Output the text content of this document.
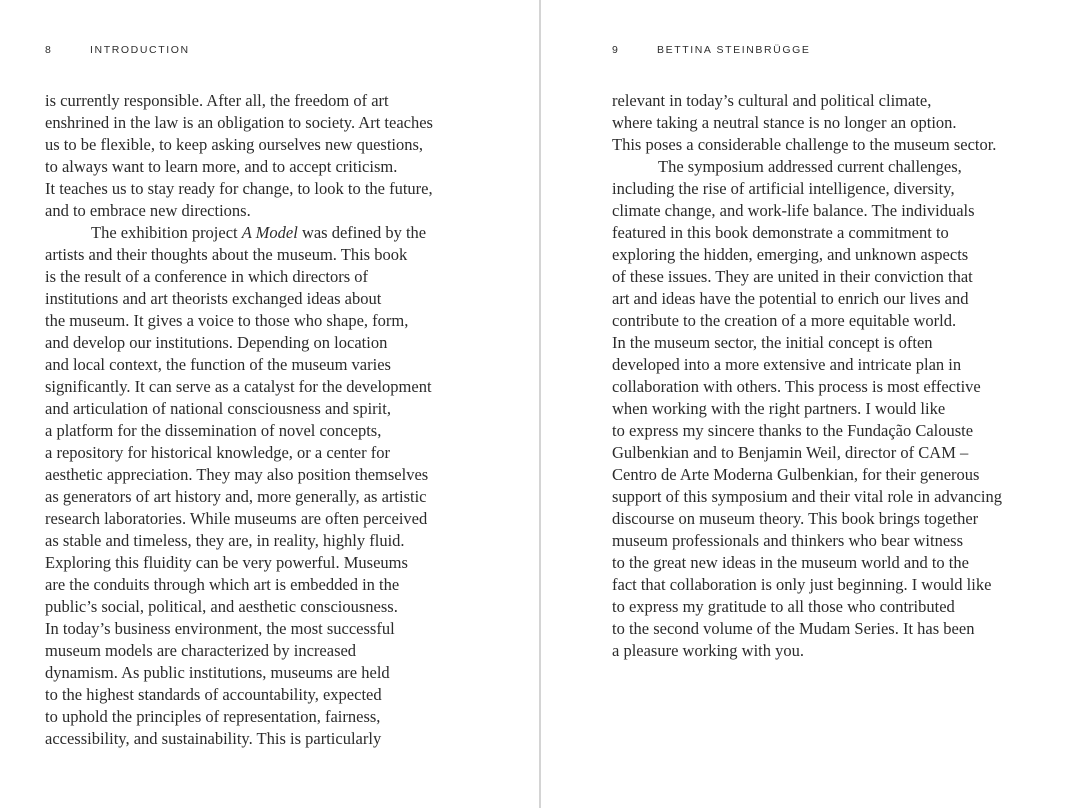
8	INTRODUCTION
is currently responsible. After all, the freedom of art
enshrined in the law is an obligation to society. Art teaches
us to be flexible, to keep asking ourselves new questions,
to always want to learn more, and to accept criticism.
It teaches us to stay ready for change, to look to the future,
and to embrace new directions.
The exhibition project A Model was defined by the
artists and their thoughts about the museum. This book
is the result of a conference in which directors of
institutions and art theorists exchanged ideas about
the museum. It gives a voice to those who shape, form,
and develop our institutions. Depending on location
and local context, the function of the museum varies
significantly. It can serve as a catalyst for the development
and articulation of national consciousness and spirit,
a platform for the dissemination of novel concepts,
a repository for historical knowledge, or a center for
aesthetic appreciation. They may also position themselves
as generators of art history and, more generally, as artistic
research laboratories. While museums are often perceived
as stable and timeless, they are, in reality, highly fluid.
Exploring this fluidity can be very powerful. Museums
are the conduits through which art is embedded in the
public’s social, political, and aesthetic consciousness.
In today’s business environment, the most successful
museum models are characterized by increased
dynamism. As public institutions, museums are held
to the highest standards of accountability, expected
to uphold the principles of representation, fairness,
accessibility, and sustainability. This is particularly
9	BETTINA STEINBRÜGGE
relevant in today’s cultural and political climate,
where taking a neutral stance is no longer an option.
This poses a considerable challenge to the museum sector.
The symposium addressed current challenges,
including the rise of artificial intelligence, diversity,
climate change, and work-life balance. The individuals
featured in this book demonstrate a commitment to
exploring the hidden, emerging, and unknown aspects
of these issues. They are united in their conviction that
art and ideas have the potential to enrich our lives and
contribute to the creation of a more equitable world.
In the museum sector, the initial concept is often
developed into a more extensive and intricate plan in
collaboration with others. This process is most effective
when working with the right partners. I would like
to express my sincere thanks to the Fundação Calouste
Gulbenkian and to Benjamin Weil, director of CAM –
Centro de Arte Moderna Gulbenkian, for their generous
support of this symposium and their vital role in advancing
discourse on museum theory. This book brings together
museum professionals and thinkers who bear witness
to the great new ideas in the museum world and to the
fact that collaboration is only just beginning. I would like
to express my gratitude to all those who contributed
to the second volume of the Mudam Series. It has been
a pleasure working with you.
